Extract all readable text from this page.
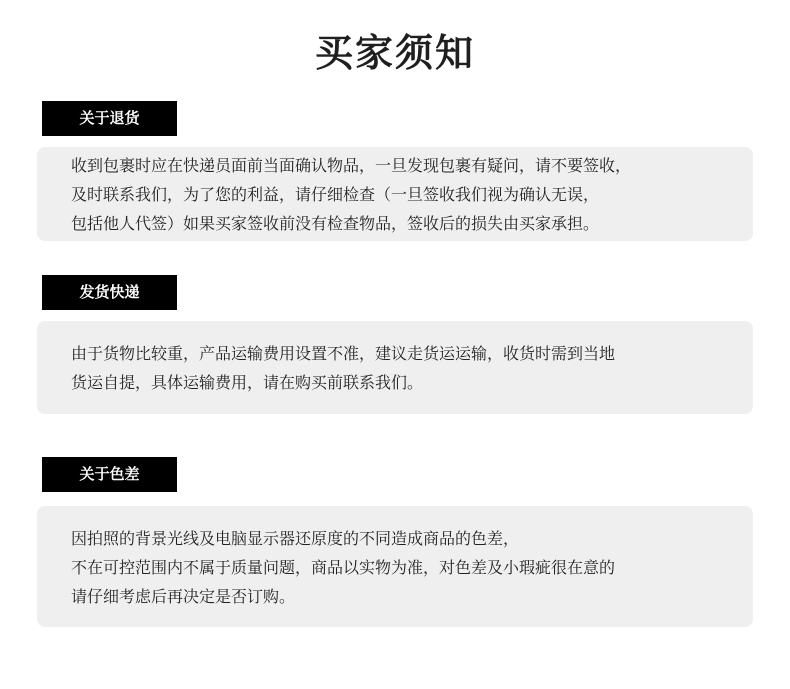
买家须知
关于退货
收到包裹时应在快递员面前当面确认物品，一旦发现包裹有疑问，请不要签收，
及时联系我们，为了您的利益，请仔细检查（一旦签收我们视为确认无误，
包括他人代签）如果买家签收前没有检查物品，签收后的损失由买家承担。
发货快递
由于货物比较重，产品运输费用设置不准，建议走货运运输，收货时需到当地
货运自提，具体运输费用，请在购买前联系我们。
关于色差
因拍照的背景光线及电脑显示器还原度的不同造成商品的色差，
不在可控范围内不属于质量问题，商品以实物为准，对色差及小瑕疵很在意的
请仔细考虑后再决定是否订购。
